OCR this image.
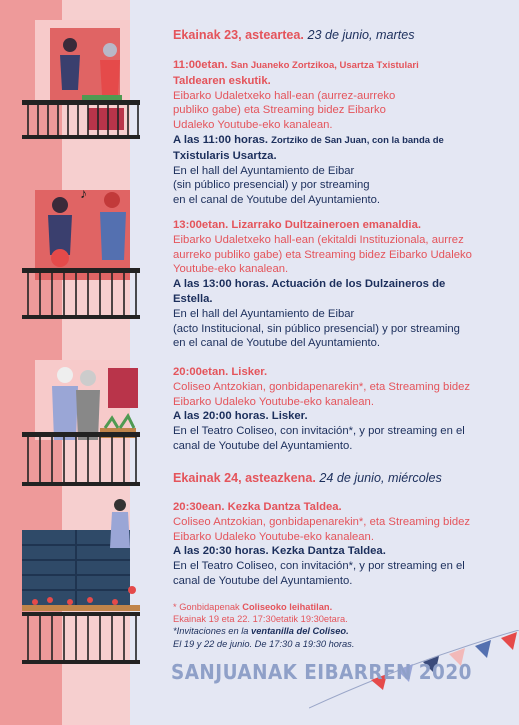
♪
Ekainak 23, asteartea. 23 de junio, martes
11:00etan. San Juaneko Zortzikoa, Usartza Txistulari
Taldearen eskutik.
Eibarko Udaletxeko hall-ean (aurrez-aurreko
publiko gabe) eta Streaming bidez Eibarko
Udaleko Youtube-eko kanalean.
A las 11:00 horas. Zortziko de San Juan, con la banda de
Txistularis Usartza.
En el hall del Ayuntamiento de Eibar
(sin público presencial) y por streaming
en el canal de Youtube del Ayuntamiento.
13:00etan. Lizarrako Dultzaineroen emanaldia.
Eibarko Udaletxeko hall-ean (ekitaldi Instituzionala, aurrez
aurreko publiko gabe) eta Streaming bidez Eibarko Udaleko
Youtube-eko kanalean.
A las 13:00 horas. Actuación de los Dulzaineros de
Estella.
En el hall del Ayuntamiento de Eibar
(acto Institucional, sin público presencial) y por streaming
en el canal de Youtube del Ayuntamiento.
20:00etan. Lisker.
Coliseo Antzokian, gonbidapenarekin*, eta Streaming bidez
Eibarko Udaleko Youtube-eko kanalean.
A las 20:00 horas. Lisker.
En el Teatro Coliseo, con invitación*, y por streaming en el
canal de Youtube del Ayuntamiento.
Ekainak 24, asteazkena. 24 de junio, miércoles
20:30ean. Kezka Dantza Taldea.
Coliseo Antzokian, gonbidapenarekin*, eta Streaming bidez
Eibarko Udaleko Youtube-eko kanalean.
A las 20:30 horas. Kezka Dantza Taldea.
En el Teatro Coliseo, con invitación*, y por streaming en el
canal de Youtube del Ayuntamiento.
* Gonbidapenak Coliseoko leihatilan.
Ekainak 19 eta 22. 17:30etatik 19:30etara.
*Invitaciones en la ventanilla del Coliseo.
El 19 y 22 de junio. De 17:30 a 19:30 horas.
SANJUANAK EIBARREN 2020
